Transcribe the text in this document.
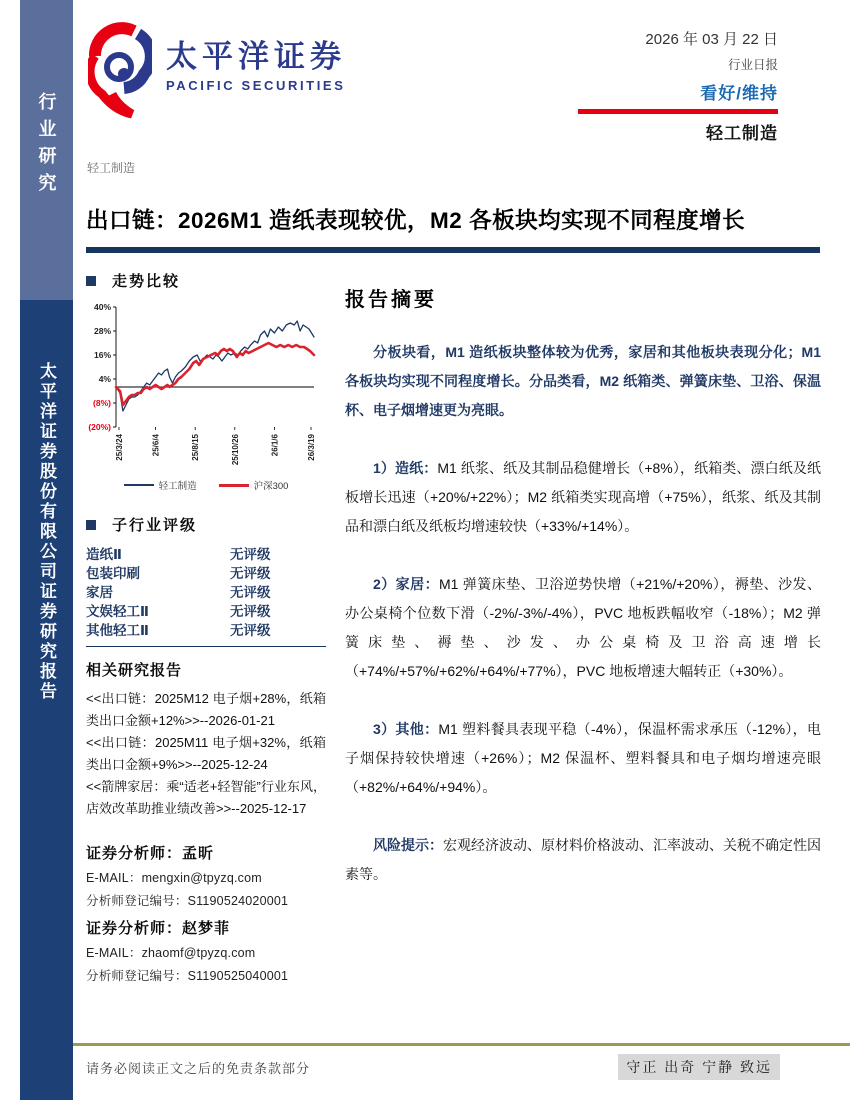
行业研究
太平洋证券股份有限公司证券研究报告
太平洋证券
PACIFIC SECURITIES
轻工制造
2026 年 03 月 22 日
行业日报
看好/维持
轻工制造
出口链：2026M1 造纸表现较优，M2 各板块均实现不同程度增长
走势比较
40%
28%
16%
4%
(8%)
(20%)
25/3/24	25/6/4	25/8/15	25/10/26	26/1/6	26/3/19
轻工制造	沪深300
子行业评级
造纸Ⅱ	无评级
包装印刷	无评级
家居	无评级
文娱轻工Ⅱ	无评级
其他轻工Ⅱ	无评级
相关研究报告
<<出口链：2025M12 电子烟+28%，纸箱类出口金额+12%>>--2026-01-21
<<出口链：2025M11 电子烟+32%，纸箱类出口金额+9%>>--2025-12-24
<<箭牌家居：乘“适老+轻智能”行业东风，店效改革助推业绩改善>>--2025-12-17
证券分析师：孟昕
E-MAIL：mengxin@tpyzq.com
分析师登记编号：S1190524020001
证券分析师：赵梦菲
E-MAIL：zhaomf@tpyzq.com
分析师登记编号：S1190525040001
报告摘要

分板块看，M1 造纸板块整体较为优秀，家居和其他板块表现分化；M1 各板块均实现不同程度增长。分品类看，M2 纸箱类、弹簧床垫、卫浴、保温杯、电子烟增速更为亮眼。

1）造纸：M1 纸浆、纸及其制品稳健增长（+8%），纸箱类、漂白纸及纸板增长迅速（+20%/+22%）；M2 纸箱类实现高增（+75%），纸浆、纸及其制品和漂白纸及纸板均增速较快（+33%/+14%）。

2）家居：M1 弹簧床垫、卫浴逆势快增（+21%/+20%），褥垫、沙发、办公桌椅个位数下滑（-2%/-3%/-4%），PVC 地板跌幅收窄（-18%）；M2 弹簧床垫、褥垫、沙发、办公桌椅及卫浴高速增长（+74%/+57%/+62%/+64%/+77%），PVC 地板增速大幅转正（+30%）。

3）其他：M1 塑料餐具表现平稳（-4%），保温杯需求承压（-12%），电子烟保持较快增速（+26%）；M2 保温杯、塑料餐具和电子烟均增速亮眼（+82%/+64%/+94%）。

风险提示：宏观经济波动、原材料价格波动、汇率波动、关税不确定性因素等。

请务必阅读正文之后的免责条款部分	守正 出奇 宁静 致远
